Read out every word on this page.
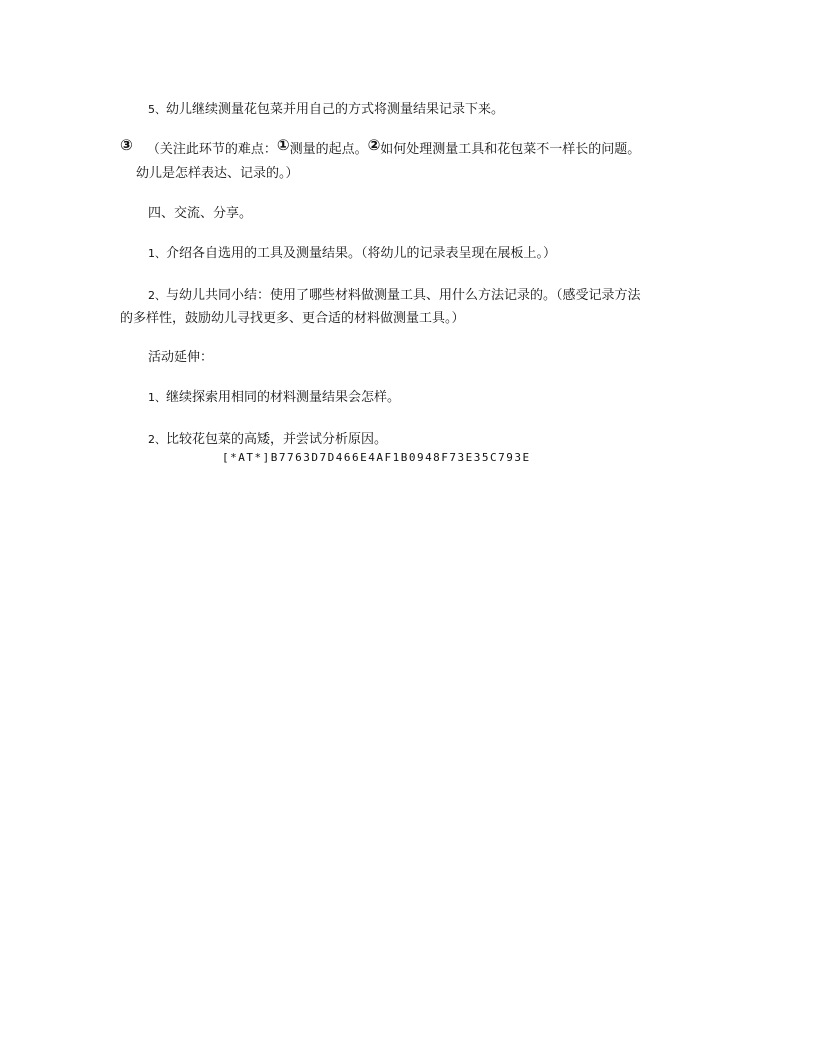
5、幼儿继续测量花包菜并用自己的方式将测量结果记录下来。
③ （关注此环节的难点：①测量的起点。②如何处理测量工具和花包菜不一样长的问题。
幼儿是怎样表达、记录的。）
四、交流、分享。
1、介绍各自选用的工具及测量结果。（将幼儿的记录表呈现在展板上。）
2、与幼儿共同小结：使用了哪些材料做测量工具、用什么方法记录的。（感受记录方法
的多样性，鼓励幼儿寻找更多、更合适的材料做测量工具。）
活动延伸：
1、继续探索用相同的材料测量结果会怎样。
2、比较花包菜的高矮，并尝试分析原因。
[*AT*]B7763D7D466E4AF1B0948F73E35C793E
